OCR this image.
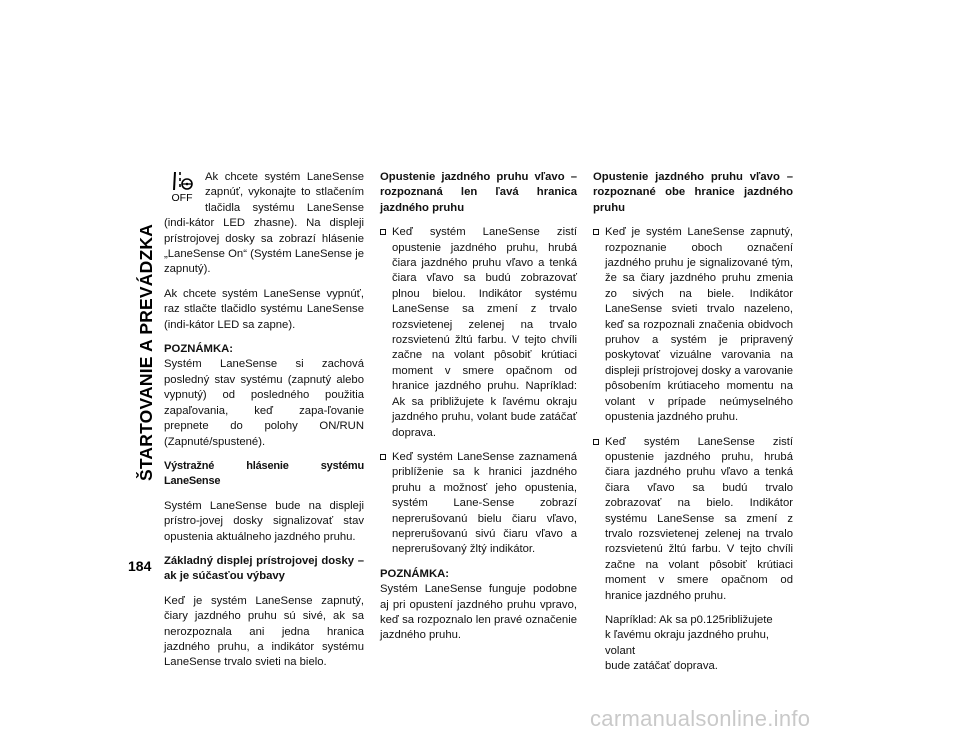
ŠTARTOVANIE A PREVÁDZKA
184
OFF

Ak chcete systém LaneSense zapnúť, vykonajte to stlačením tlačidla systému LaneSense (indi-kátor LED zhasne). Na displeji prístrojovej dosky sa zobrazí hlásenie „LaneSense On“ (Systém LaneSense je zapnutý).

Ak chcete systém LaneSense vypnúť, raz stlačte tlačidlo systému LaneSense (indi-kátor LED sa zapne).

POZNÁMKA:
Systém LaneSense si zachová posledný stav systému (zapnutý alebo vypnutý) od posledného použitia zapaľovania, keď zapa-ľovanie prepnete do polohy ON/RUN (Zapnuté/spustené).

Výstražné hlásenie systému LaneSense

Systém LaneSense bude na displeji prístro-jovej dosky signalizovať stav opustenia aktuálneho jazdného pruhu.

Základný displej prístrojovej dosky – ak je súčasťou výbavy

Keď je systém LaneSense zapnutý, čiary jazdného pruhu sú sivé, ak sa nerozpoznala ani jedna hranica jazdného pruhu, a indikátor systému LaneSense trvalo svieti na bielo.

Opustenie jazdného pruhu vľavo – rozpoznaná len ľavá hranica jazdného pruhu

Keď systém LaneSense zistí opustenie jazdného pruhu, hrubá čiara jazdného pruhu vľavo a tenká čiara vľavo sa budú zobrazovať plnou bielou. Indikátor systému LaneSense sa zmení z trvalo rozsvietenej zelenej na trvalo rozsvietenú žltú farbu. V tejto chvíli začne na volant pôsobiť krútiaci moment v smere opačnom od hranice jazdného pruhu. Napríklad: Ak sa približujete k ľavému okraju jazdného pruhu, volant bude zatáčať doprava.
Keď systém LaneSense zaznamená priblíženie sa k hranici jazdného pruhu a možnosť jeho opustenia, systém Lane-Sense zobrazí neprerušovanú bielu čiaru vľavo, neprerušovanú sivú čiaru vľavo a neprerušovaný žltý indikátor.

POZNÁMKA:
Systém LaneSense funguje podobne aj pri opustení jazdného pruhu vpravo, keď sa rozpoznalo len pravé označenie jazdného pruhu.

Opustenie jazdného pruhu vľavo – rozpoznané obe hranice jazdného pruhu

Keď je systém LaneSense zapnutý, rozpoznanie oboch označení jazdného pruhu je signalizované tým, že sa čiary jazdného pruhu zmenia zo sivých na biele. Indikátor LaneSense svieti trvalo nazeleno, keď sa rozpoznali značenia obidvoch pruhov a systém je pripravený poskytovať vizuálne varovania na displeji prístrojovej dosky a varovanie pôsobením krútiaceho momentu na volant v prípade neúmyselného opustenia jazdného pruhu.
Keď systém LaneSense zistí opustenie jazdného pruhu, hrubá čiara jazdného pruhu vľavo a tenká čiara vľavo sa budú trvalo zobrazovať na bielo. Indikátor systému LaneSense sa zmení z trvalo rozsvietenej zelenej na trvalo rozsvietenú žltú farbu. V tejto chvíli začne na volant pôsobiť krútiaci moment v smere opačnom od hranice jazdného pruhu.

Napríklad: Ak sa p0.125ribližujete
k ľavému okraju jazdného pruhu, volant
bude zatáčať doprava.

carmanualsonline.info
